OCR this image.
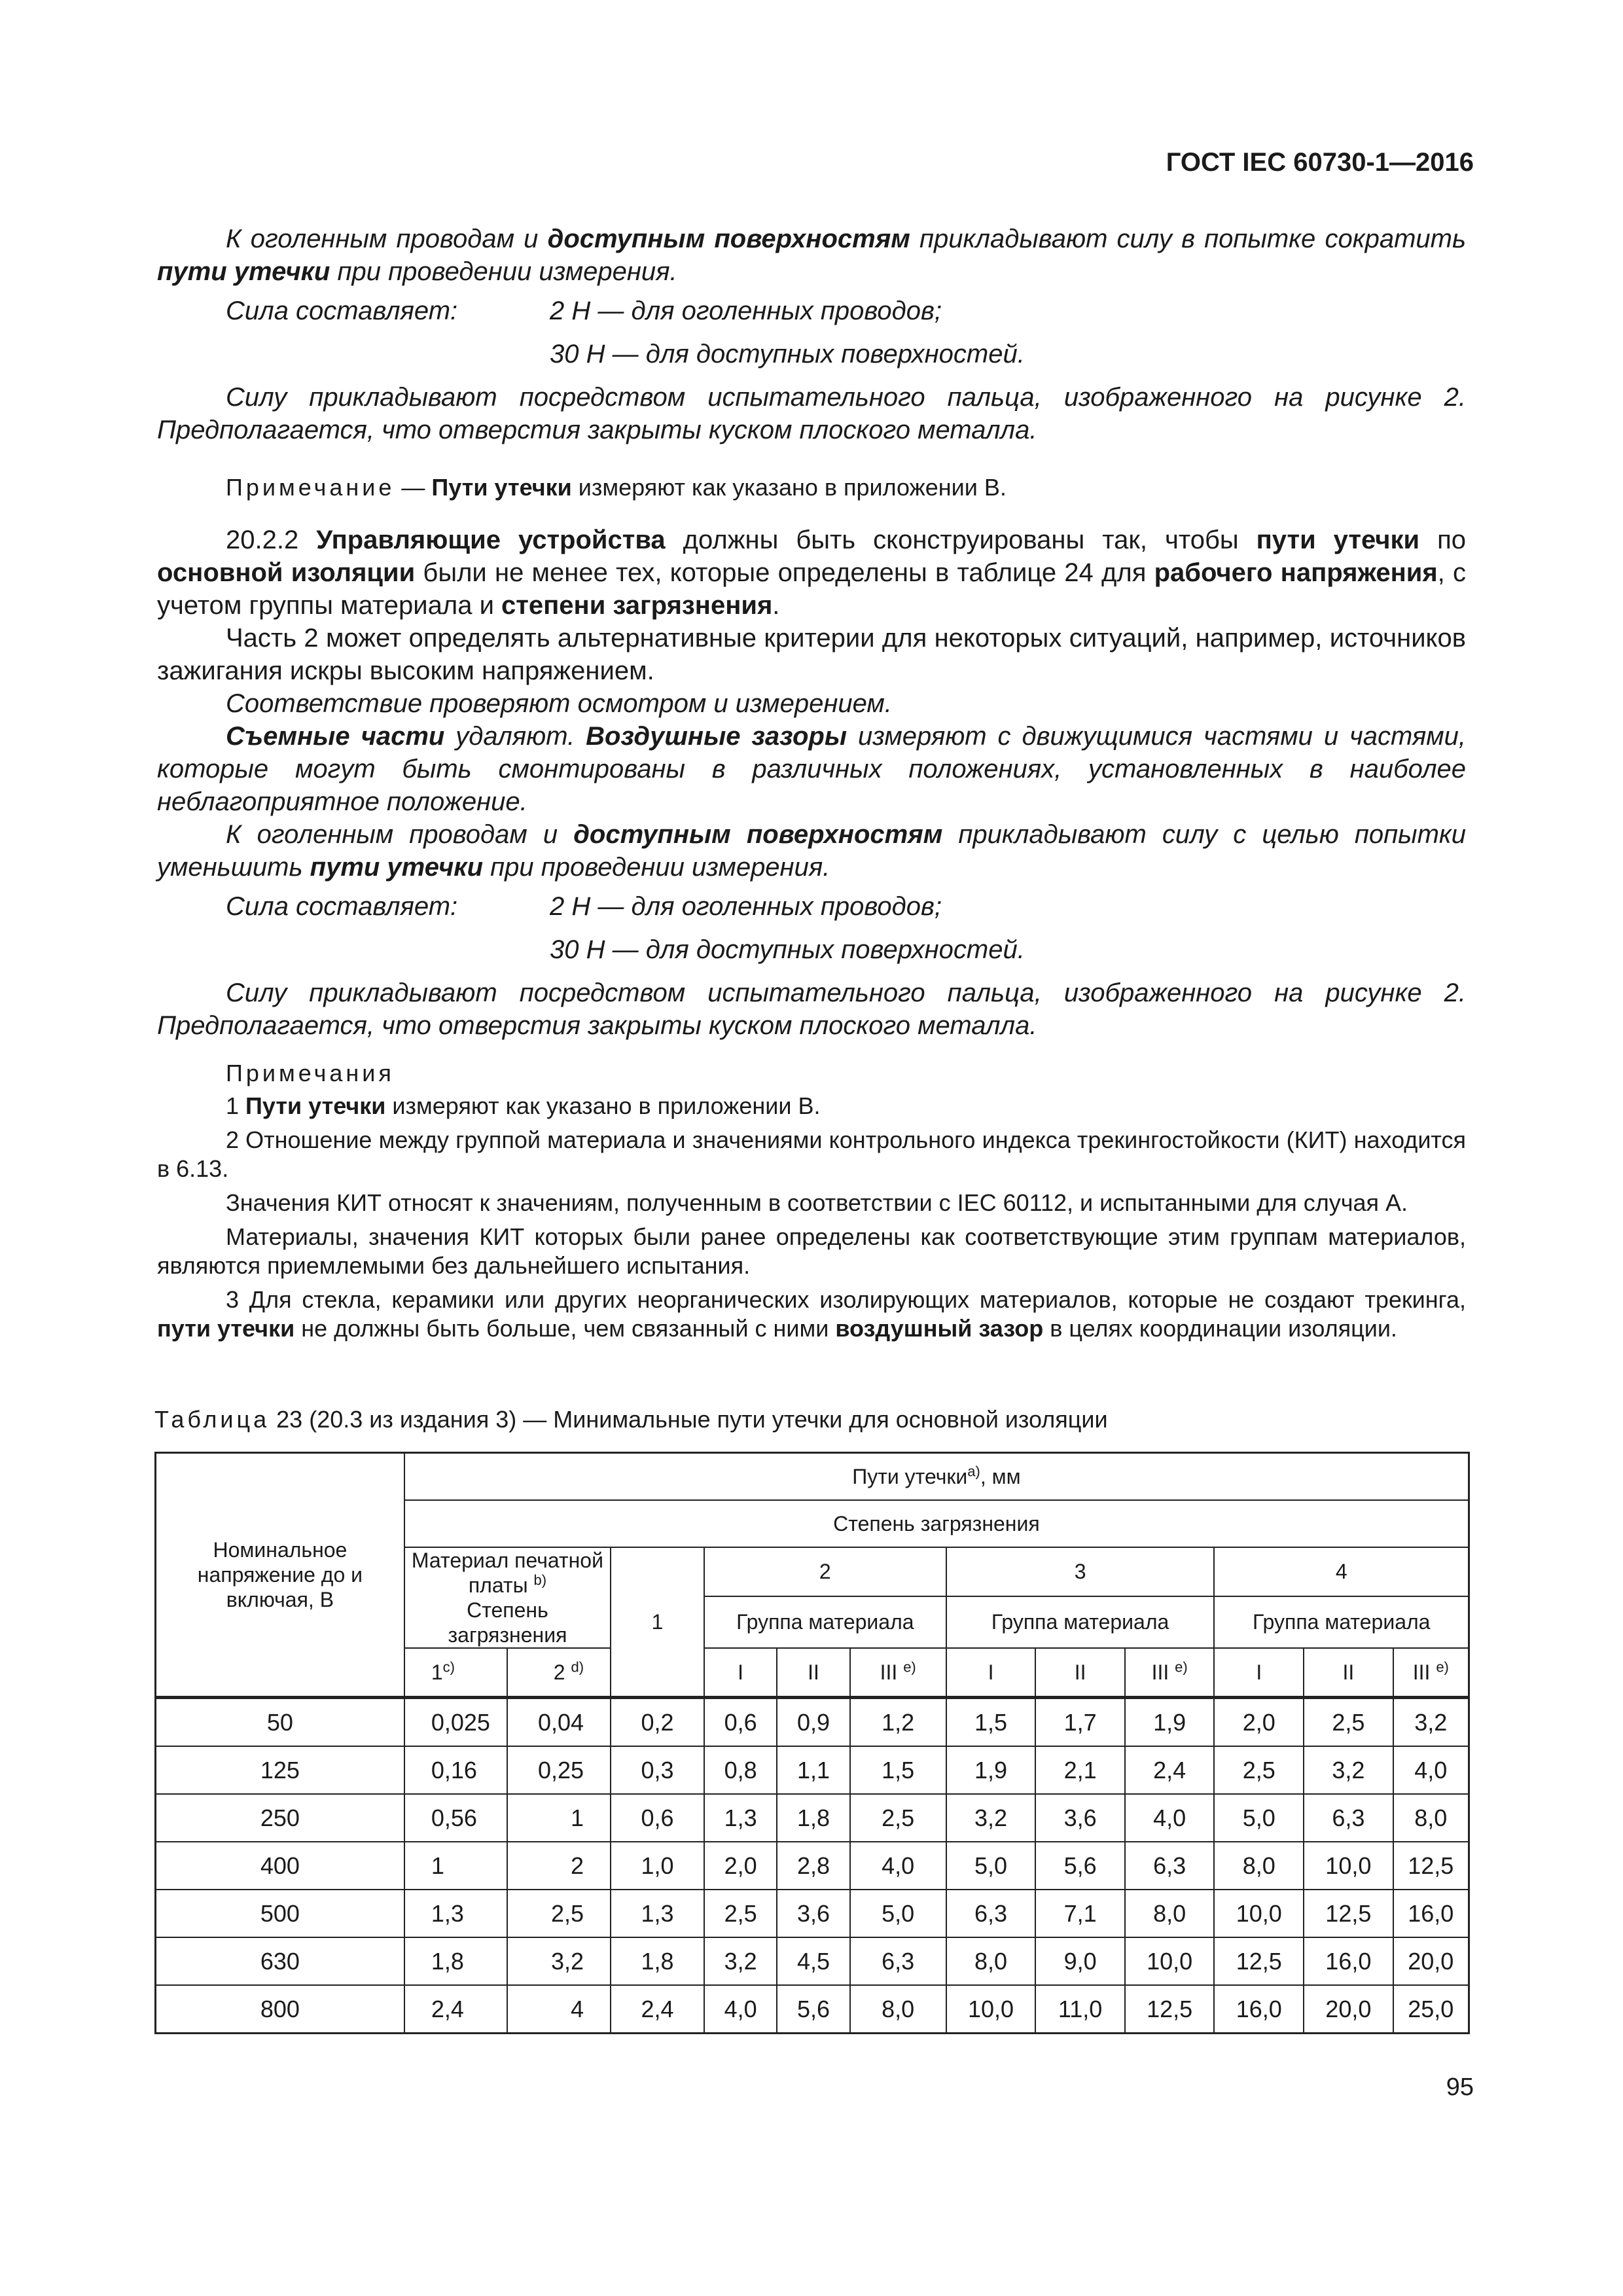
ГОСТ IEC 60730-1—2016

К оголенным проводам и доступным поверхностям прикладывают силу в попытке сократить пути утечки при проведении измерения.

Сила составляет:	2 Н — для оголенных проводов;
30 Н — для доступных поверхностей.

Силу прикладывают посредством испытательного пальца, изображенного на рисунке 2. Предполагается, что отверстия закрыты куском плоского металла.

Примечание — Пути утечки измеряют как указано в приложении В.

20.2.2 Управляющие устройства должны быть сконструированы так, чтобы пути утечки по основной изоляции были не менее тех, которые определены в таблице 24 для рабочего напряжения, с учетом группы материала и степени загрязнения.

Часть 2 может определять альтернативные критерии для некоторых ситуаций, например, источников зажигания искры высоким напряжением.

Соответствие проверяют осмотром и измерением.

Съемные части удаляют. Воздушные зазоры измеряют с движущимися частями и частями, которые могут быть смонтированы в различных положениях, установленных в наиболее неблагоприятное положение.

К оголенным проводам и доступным поверхностям прикладывают силу с целью попытки уменьшить пути утечки при проведении измерения.

Сила составляет:	2 Н — для оголенных проводов;
30 Н — для доступных поверхностей.

Силу прикладывают посредством испытательного пальца, изображенного на рисунке 2. Предполагается, что отверстия закрыты куском плоского металла.

Примечания

1 Пути утечки измеряют как указано в приложении В.

2 Отношение между группой материала и значениями контрольного индекса трекингостойкости (КИТ) находится в 6.13.

Значения КИТ относят к значениям, полученным в соответствии с IEC 60112, и испытанными для случая А.

Материалы, значения КИТ которых были ранее определены как соответствующие этим группам материалов, являются приемлемыми без дальнейшего испытания.

3 Для стекла, керамики или других неорганических изолирующих материалов, которые не создают трекинга, пути утечки не должны быть больше, чем связанный с ними воздушный зазор в целях координации изоляции.

Таблица 23 (20.3 из издания 3) — Минимальные пути утечки для основной изоляции
Номинальное напряжение до и включая, В	Пути утечки$^{a)}$, мм											
	Степень загрязнения											
	Материал печатной платы $^{b)}$
Степень загрязнения		1	2			3			4		
				Группа материала			Группа материала			Группа материала		
	1$^{c)}$	2 $^{d)}$		I	II	III $^{e)}$	I	II	III $^{e)}$	I	II	III $^{e)}$
50	0,025	0,04	0,2	0,6	0,9	1,2	1,5	1,7	1,9	2,0	2,5	3,2
125	0,16	0,25	0,3	0,8	1,1	1,5	1,9	2,1	2,4	2,5	3,2	4,0
250	0,56	1	0,6	1,3	1,8	2,5	3,2	3,6	4,0	5,0	6,3	8,0
400	1	2	1,0	2,0	2,8	4,0	5,0	5,6	6,3	8,0	10,0	12,5
500	1,3	2,5	1,3	2,5	3,6	5,0	6,3	7,1	8,0	10,0	12,5	16,0
630	1,8	3,2	1,8	3,2	4,5	6,3	8,0	9,0	10,0	12,5	16,0	20,0
800	2,4	4	2,4	4,0	5,6	8,0	10,0	11,0	12,5	16,0	20,0	25,0
95
